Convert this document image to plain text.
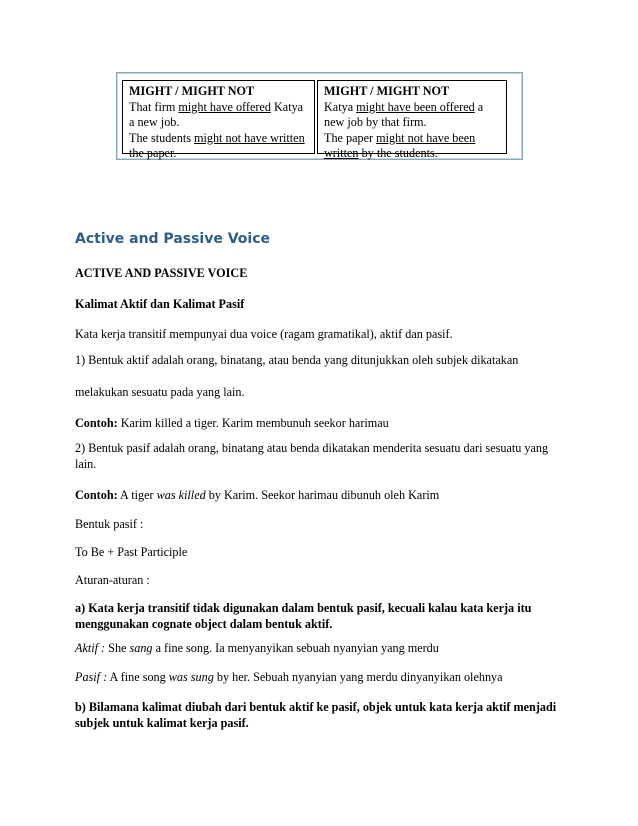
MIGHT / MIGHT NOT
That firm might have offered Katya
a new job.
The students might not have written
the paper.
MIGHT / MIGHT NOT
Katya might have been offered a
new job by that firm.
The paper might not have been
written by the students.
Active and Passive Voice
ACTIVE AND PASSIVE VOICE
Kalimat Aktif dan Kalimat Pasif
Kata kerja transitif mempunyai dua voice (ragam gramatikal), aktif dan pasif.
1) Bentuk aktif adalah orang, binatang, atau benda yang ditunjukkan oleh subjek dikatakan
melakukan sesuatu pada yang lain.
Contoh: Karim killed a tiger. Karim membunuh seekor harimau
2) Bentuk pasif adalah orang, binatang atau benda dikatakan menderita sesuatu dari sesuatu yang lain.
Contoh: A tiger was killed by Karim. Seekor harimau dibunuh oleh Karim
Bentuk pasif :
To Be + Past Participle
Aturan-aturan :
a) Kata kerja transitif tidak digunakan dalam bentuk pasif, kecuali kalau kata kerja itu menggunakan cognate object dalam bentuk aktif.
Aktif : She sang a fine song. Ia menyanyikan sebuah nyanyian yang merdu
Pasif : A fine song was sung by her. Sebuah nyanyian yang merdu dinyanyikan olehnya
b) Bilamana kalimat diubah dari bentuk aktif ke pasif, objek untuk kata kerja aktif menjadi subjek untuk kalimat kerja pasif.
